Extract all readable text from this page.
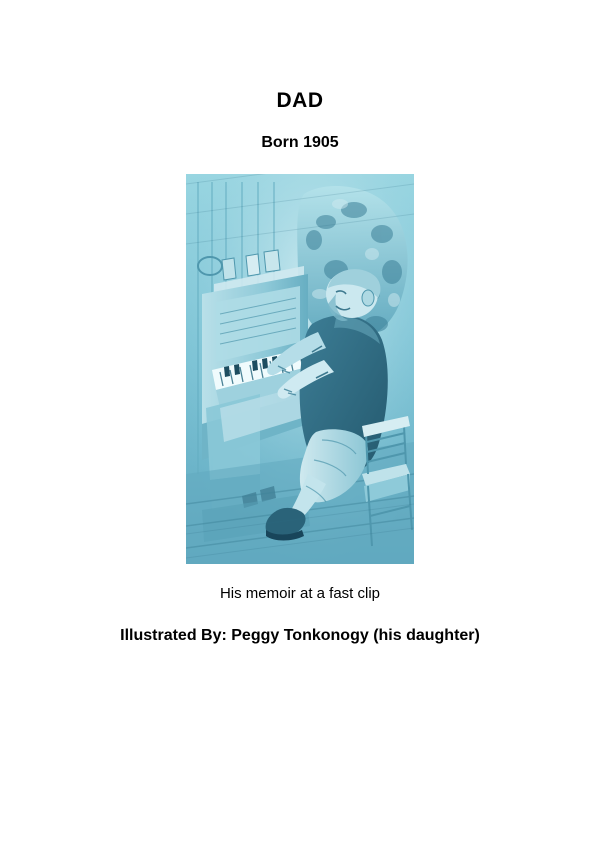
DAD
Born 1905
His memoir at a fast clip
Illustrated By: Peggy Tonkonogy (his daughter)
